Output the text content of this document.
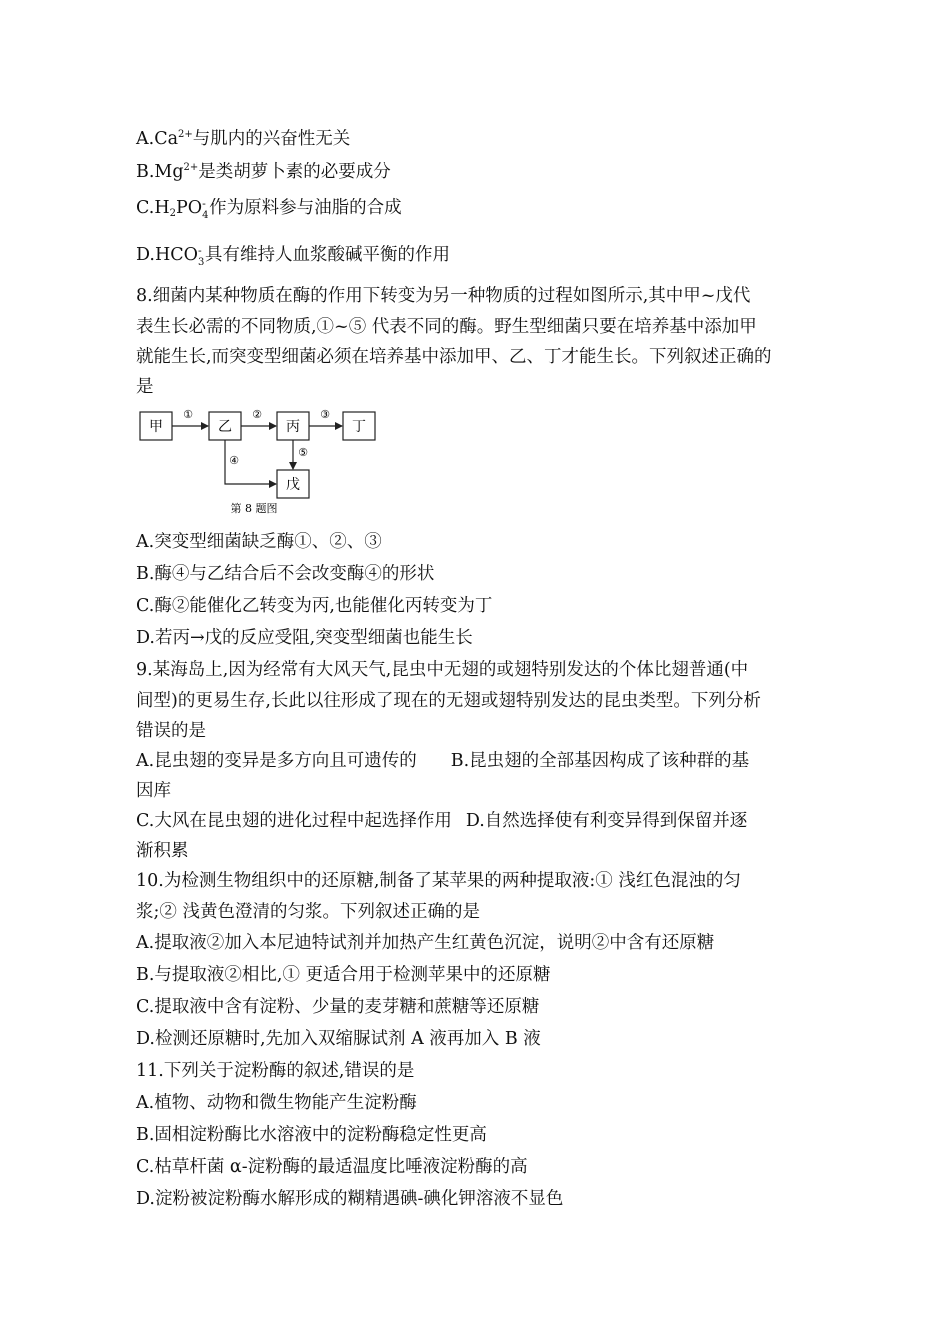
$A.Ca^{2+}$与肌内的兴奋性无关
$B.Mg^{2+}$是类胡萝卜素的必要成分
$C.H_2PO$ -
4 作为原料参与油脂的合成
D.HCO -
3 具有维持人血浆酸碱平衡的作用
8.细菌内某种物质在酶的作用下转变为另一种物质的过程如图所示,其中甲~戊代
表生长必需的不同物质,①~⑤ 代表不同的酶。野生型细菌只要在培养基中添加甲
就能生长,而突变型细菌必须在培养基中添加甲、乙、丁才能生长。下列叙述正确的
是
甲	乙	丙	丁
戊
①	②	③
④
⑤
第 8 题图
A.突变型细菌缺乏酶①、②、③
B.酶④与乙结合后不会改变酶④的形状
C.酶②能催化乙转变为丙,也能催化丙转变为丁
D.若丙→戊的反应受阻,突变型细菌也能生长
9.某海岛上,因为经常有大风天气,昆虫中无翅的或翅特别发达的个体比翅普通(中
间型)的更易生存,长此以往形成了现在的无翅或翅特别发达的昆虫类型。下列分析
错误的是
A.昆虫翅的变异是多方向且可遗传的 B.昆虫翅的全部基因构成了该种群的基
因库
C.大风在昆虫翅的进化过程中起选择作用 D.自然选择使有利变异得到保留并逐
渐积累
10.为检测生物组织中的还原糖,制备了某苹果的两种提取液:① 浅红色混浊的匀
浆;② 浅黄色澄清的匀浆。下列叙述正确的是
A.提取液②加入本尼迪特试剂并加热产生红黄色沉淀，说明②中含有还原糖
B.与提取液②相比,① 更适合用于检测苹果中的还原糖
C.提取液中含有淀粉、少量的麦芽糖和蔗糖等还原糖
D.检测还原糖时,先加入双缩脲试剂 A 液再加入 B 液
11.下列关于淀粉酶的叙述,错误的是
A.植物、动物和微生物能产生淀粉酶
B.固相淀粉酶比水溶液中的淀粉酶稳定性更高
C.枯草杆菌 α-淀粉酶的最适温度比唾液淀粉酶的高
D.淀粉被淀粉酶水解形成的糊精遇碘-碘化钾溶液不显色
